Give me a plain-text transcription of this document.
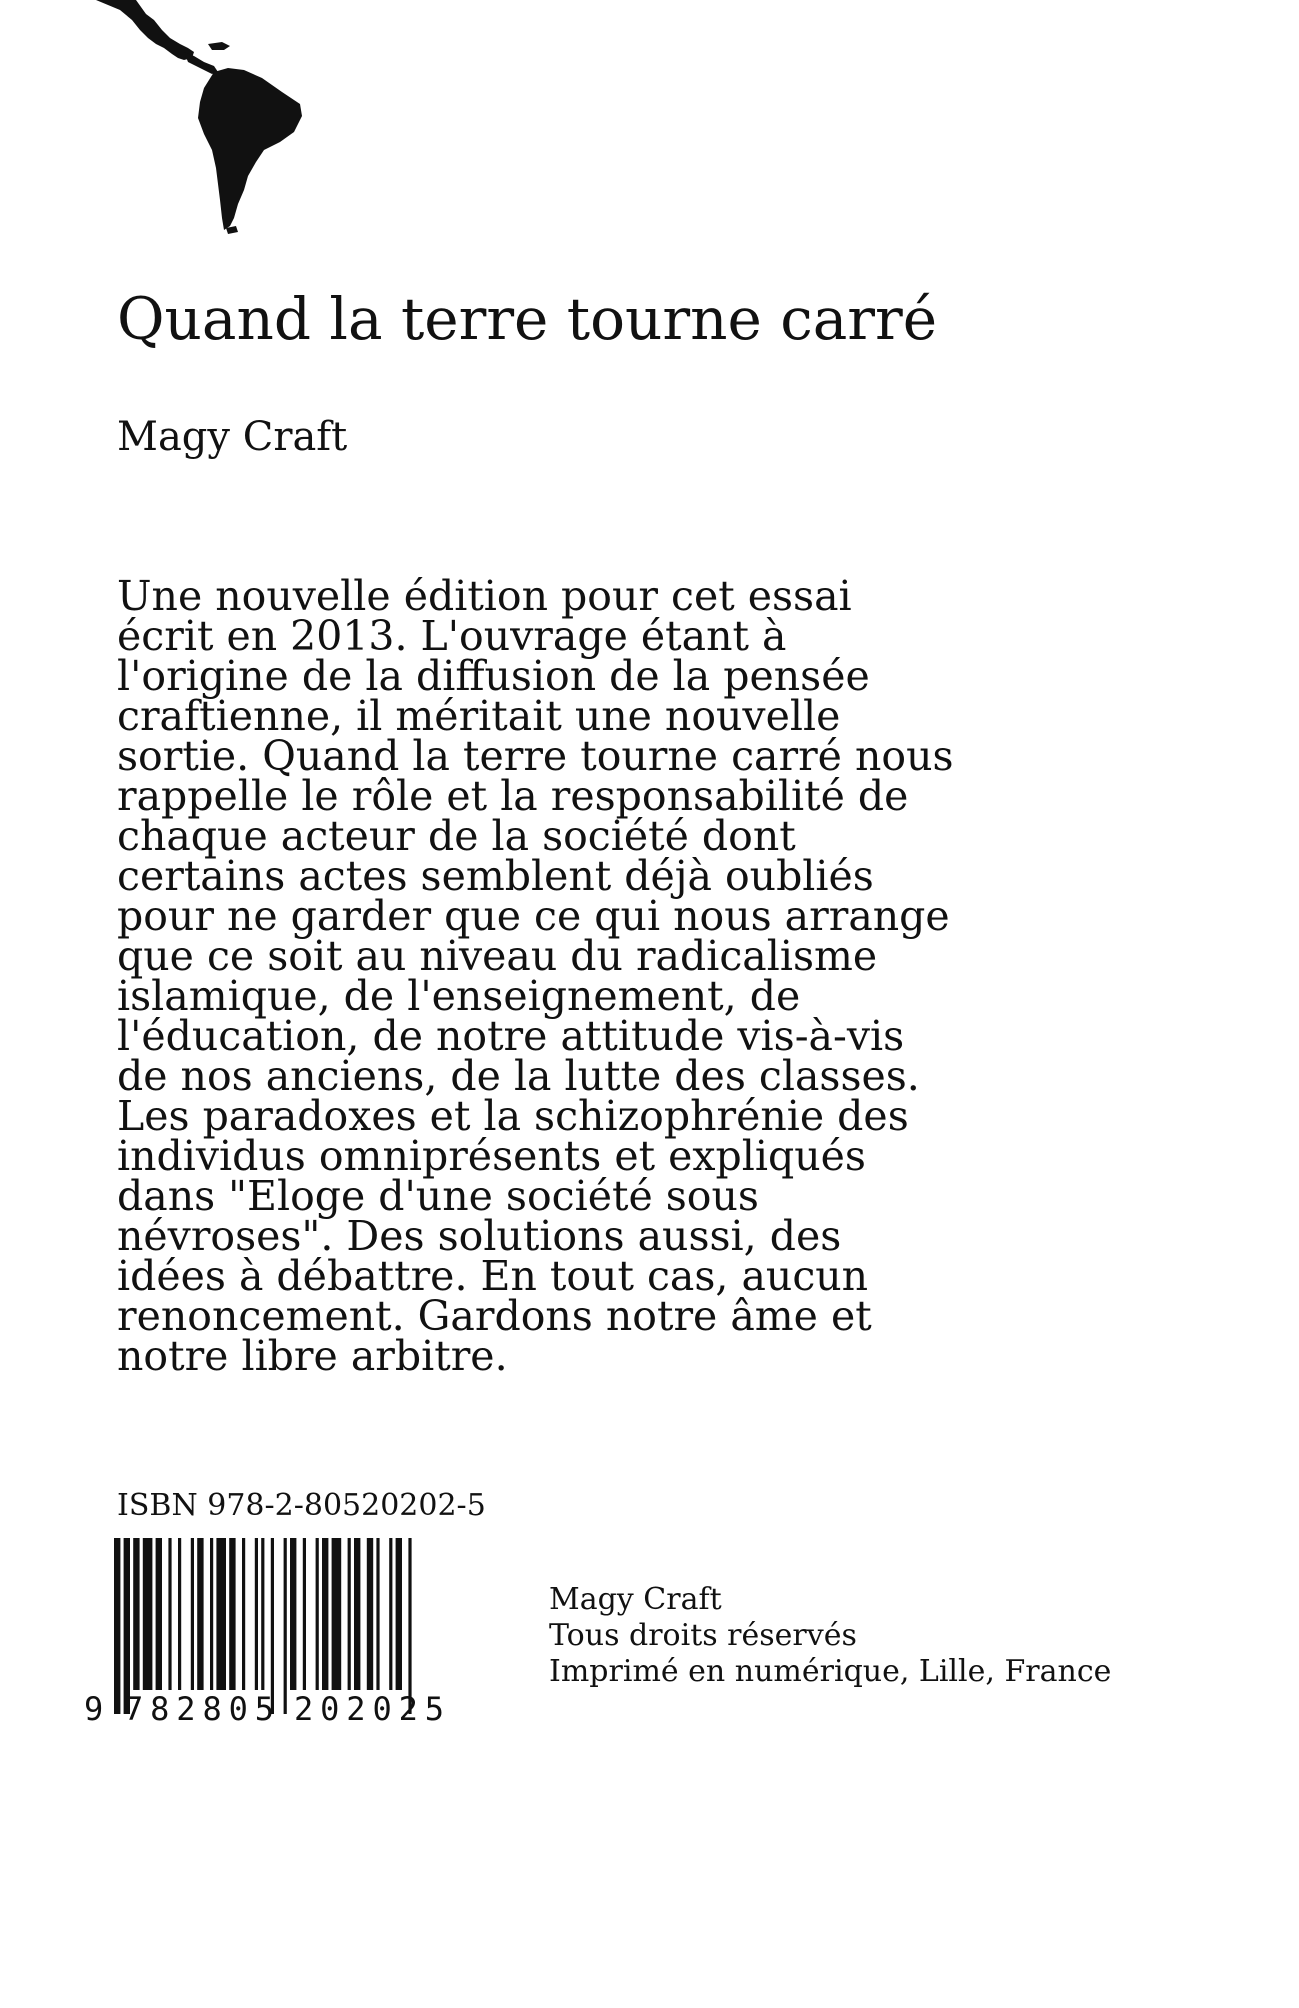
Quand la terre tourne carré
Magy Craft

Une nouvelle édition pour cet essai écrit en 2013. L'ouvrage étant à l'origine de la diffusion de la pensée craftienne, il méritait une nouvelle sortie. Quand la terre tourne carré nous rappelle le rôle et la responsabilité de chaque acteur de la société dont certains actes semblent déjà oubliés pour ne garder que ce qui nous arrange que ce soit au niveau du radicalisme islamique, de l'enseignement, de l'éducation, de notre attitude vis-à-vis de nos anciens, de la lutte des classes. Les paradoxes et la schizophrénie des individus omniprésents et expliqués dans "Eloge d'une société sous névroses". Des solutions aussi, des idées à débattre. En tout cas, aucun renoncement. Gardons notre âme et notre libre arbitre.

ISBN 978-2-80520202-5
9 782805 202025
Magy Craft
Tous droits réservés
Imprimé en numérique, Lille, France
